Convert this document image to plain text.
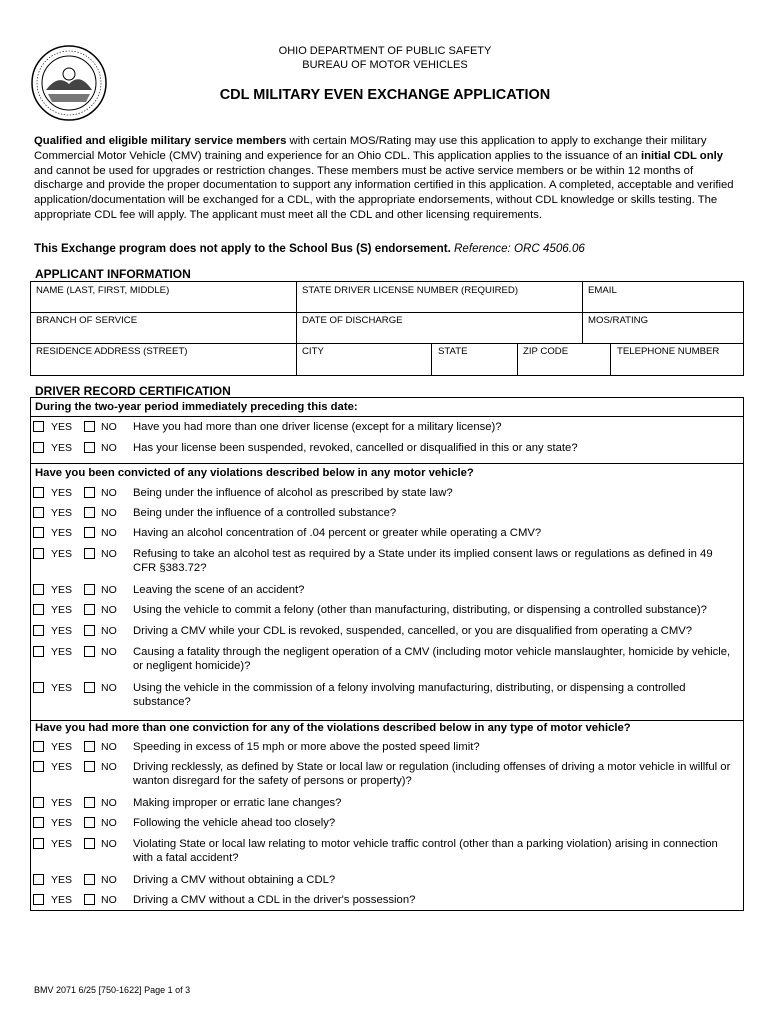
OHIO DEPARTMENT OF PUBLIC SAFETY
BUREAU OF MOTOR VEHICLES
CDL MILITARY EVEN EXCHANGE APPLICATION

Qualified and eligible military service members with certain MOS/Rating may use this application to apply to exchange their military Commercial Motor Vehicle (CMV) training and experience for an Ohio CDL. This application applies to the issuance of an initial CDL only and cannot be used for upgrades or restriction changes. These members must be active service members or be within 12 months of discharge and provide the proper documentation to support any information certified in this application. A completed, acceptable and verified application/documentation will be exchanged for a CDL, with the appropriate endorsements, without CDL knowledge or skills testing. The appropriate CDL fee will apply. The applicant must meet all the CDL and other licensing requirements.

This Exchange program does not apply to the School Bus (S) endorsement. Reference: ORC 4506.06
APPLICANT INFORMATION
NAME (LAST, FIRST, MIDDLE)	STATE DRIVER LICENSE NUMBER (REQUIRED)	EMAIL
BRANCH OF SERVICE	DATE OF DISCHARGE	MOS/RATING
RESIDENCE ADDRESS (STREET)	CITY	STATE	ZIP CODE	TELEPHONE NUMBER
DRIVER RECORD CERTIFICATION
During the two-year period immediately preceding this date:
Have you been convicted of any violations described below in any motor vehicle?
Have you had more than one conviction for any of the violations described below in any type of motor vehicle?
YES	NO Have you had more than one driver license (except for a military license)?
YES	NO Has your license been suspended, revoked, cancelled or disqualified in this or any state?
YES	NO Being under the influence of alcohol as prescribed by state law?
YES	NO Being under the influence of a controlled substance?
YES	NO Having an alcohol concentration of .04 percent or greater while operating a CMV?
YES	NO Refusing to take an alcohol test as required by a State under its implied consent laws or regulations as defined in 49 CFR §383.72?
YES	NO Leaving the scene of an accident?
YES	NO Using the vehicle to commit a felony (other than manufacturing, distributing, or dispensing a controlled substance)?
YES	NO Driving a CMV while your CDL is revoked, suspended, cancelled, or you are disqualified from operating a CMV?
YES	NO Causing a fatality through the negligent operation of a CMV (including motor vehicle manslaughter, homicide by vehicle, or negligent homicide)?
YES	NO Using the vehicle in the commission of a felony involving manufacturing, distributing, or dispensing a controlled substance?
YES	NO Speeding in excess of 15 mph or more above the posted speed limit?
YES	NO Driving recklessly, as defined by State or local law or regulation (including offenses of driving a motor vehicle in willful or wanton disregard for the safety of persons or property)?
YES	NO Making improper or erratic lane changes?
YES	NO Following the vehicle ahead too closely?
YES	NO Violating State or local law relating to motor vehicle traffic control (other than a parking violation) arising in connection with a fatal accident?
YES	NO Driving a CMV without obtaining a CDL?
YES	NO Driving a CMV without a CDL in the driver's possession?
BMV 2071 6/25 [750-1622] Page 1 of 3
